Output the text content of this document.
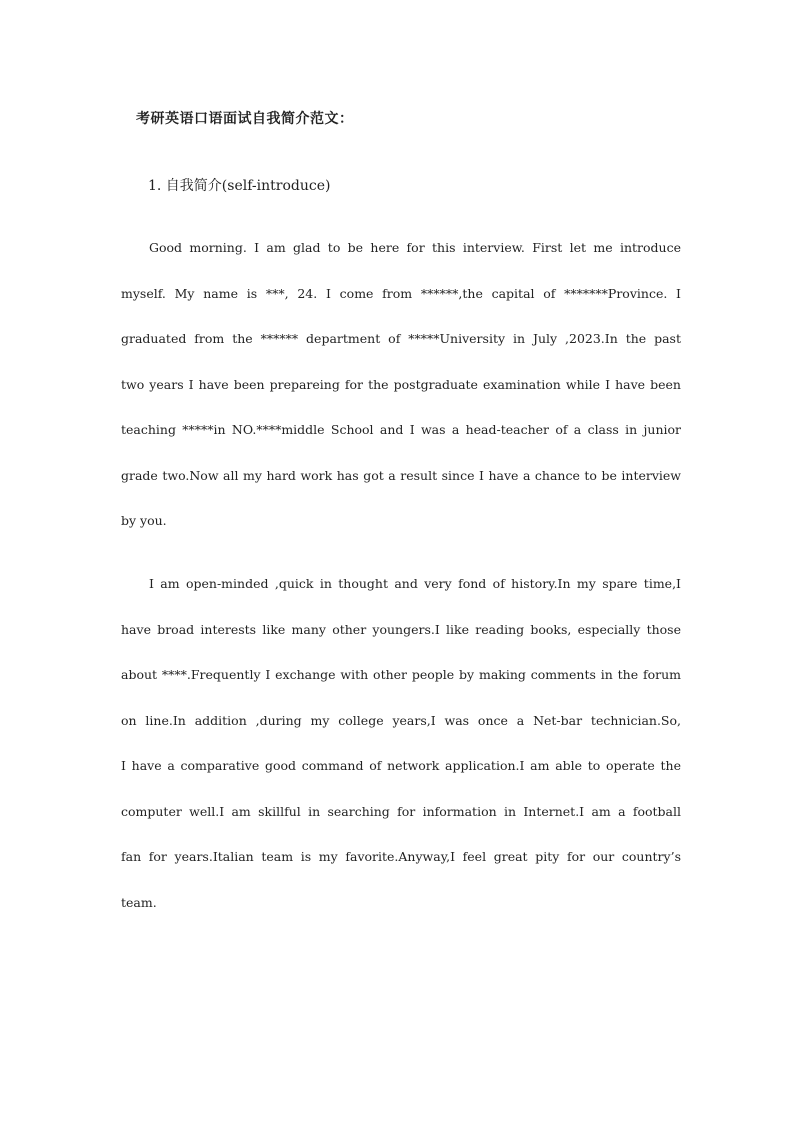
考研英语口语面试自我简介范文：
1. 自我简介(self-introduce)
Good morning. I am glad to be here for this interview. First let me introduce
myself. My name is ***, 24. I come from ******,the capital of *******Province. I
graduated from the ****** department of *****University in July ,2023.In the past
two years I have been prepareing for the postgraduate examination while I have been
teaching *****in NO.****middle School and I was a head-teacher of a class in junior
grade two.Now all my hard work has got a result since I have a chance to be interview
by you.
I am open-minded ,quick in thought and very fond of history.In my spare time,I
have broad interests like many other youngers.I like reading books, especially those
about ****.Frequently I exchange with other people by making comments in the forum
on line.In addition ,during my college years,I was once a Net-bar technician.So,
I have a comparative good command of network application.I am able to operate the
computer well.I am skillful in searching for information in Internet.I am a football
fan for years.Italian team is my favorite.Anyway,I feel great pity for our country’s
team.
